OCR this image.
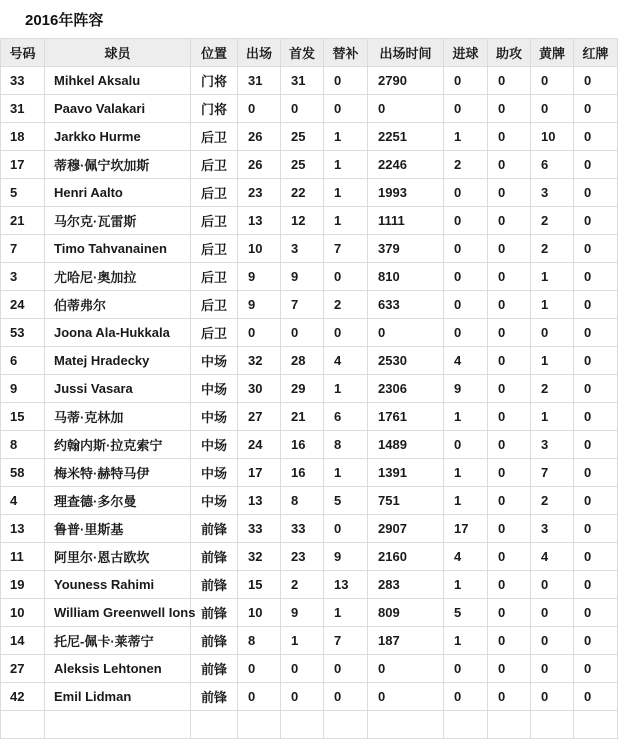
2016年阵容
号码	球员	位置	出场	首发	替补	出场时间	进球	助攻	黄牌	红牌
33	Mihkel Aksalu	门将	31	31	0	2790	0	0	0	0
31	Paavo Valakari	门将	0	0	0	0	0	0	0	0
18	Jarkko Hurme	后卫	26	25	1	2251	1	0	10	0
17	蒂穆·佩宁坎加斯	后卫	26	25	1	2246	2	0	6	0
5	Henri Aalto	后卫	23	22	1	1993	0	0	3	0
21	马尔克·瓦雷斯	后卫	13	12	1	1111	0	0	2	0
7	Timo Tahvanainen	后卫	10	3	7	379	0	0	2	0
3	尤哈尼·奥加拉	后卫	9	9	0	810	0	0	1	0
24	伯蒂弗尔	后卫	9	7	2	633	0	0	1	0
53	Joona Ala-Hukkala	后卫	0	0	0	0	0	0	0	0
6	Matej Hradecky	中场	32	28	4	2530	4	0	1	0
9	Jussi Vasara	中场	30	29	1	2306	9	0	2	0
15	马蒂·克林加	中场	27	21	6	1761	1	0	1	0
8	约翰内斯·拉克索宁	中场	24	16	8	1489	0	0	3	0
58	梅米特·赫特马伊	中场	17	16	1	1391	1	0	7	0
4	理查德·多尔曼	中场	13	8	5	751	1	0	2	0
13	鲁普·里斯基	前锋	33	33	0	2907	17	0	3	0
11	阿里尔·恩古欧坎	前锋	32	23	9	2160	4	0	4	0
19	Youness Rahimi	前锋	15	2	13	283	1	0	0	0
10	William Greenwell Ions	前锋	10	9	1	809	5	0	0	0
14	托尼-佩卡·莱蒂宁	前锋	8	1	7	187	1	0	0	0
27	Aleksis Lehtonen	前锋	0	0	0	0	0	0	0	0
42	Emil Lidman	前锋	0	0	0	0	0	0	0	0
